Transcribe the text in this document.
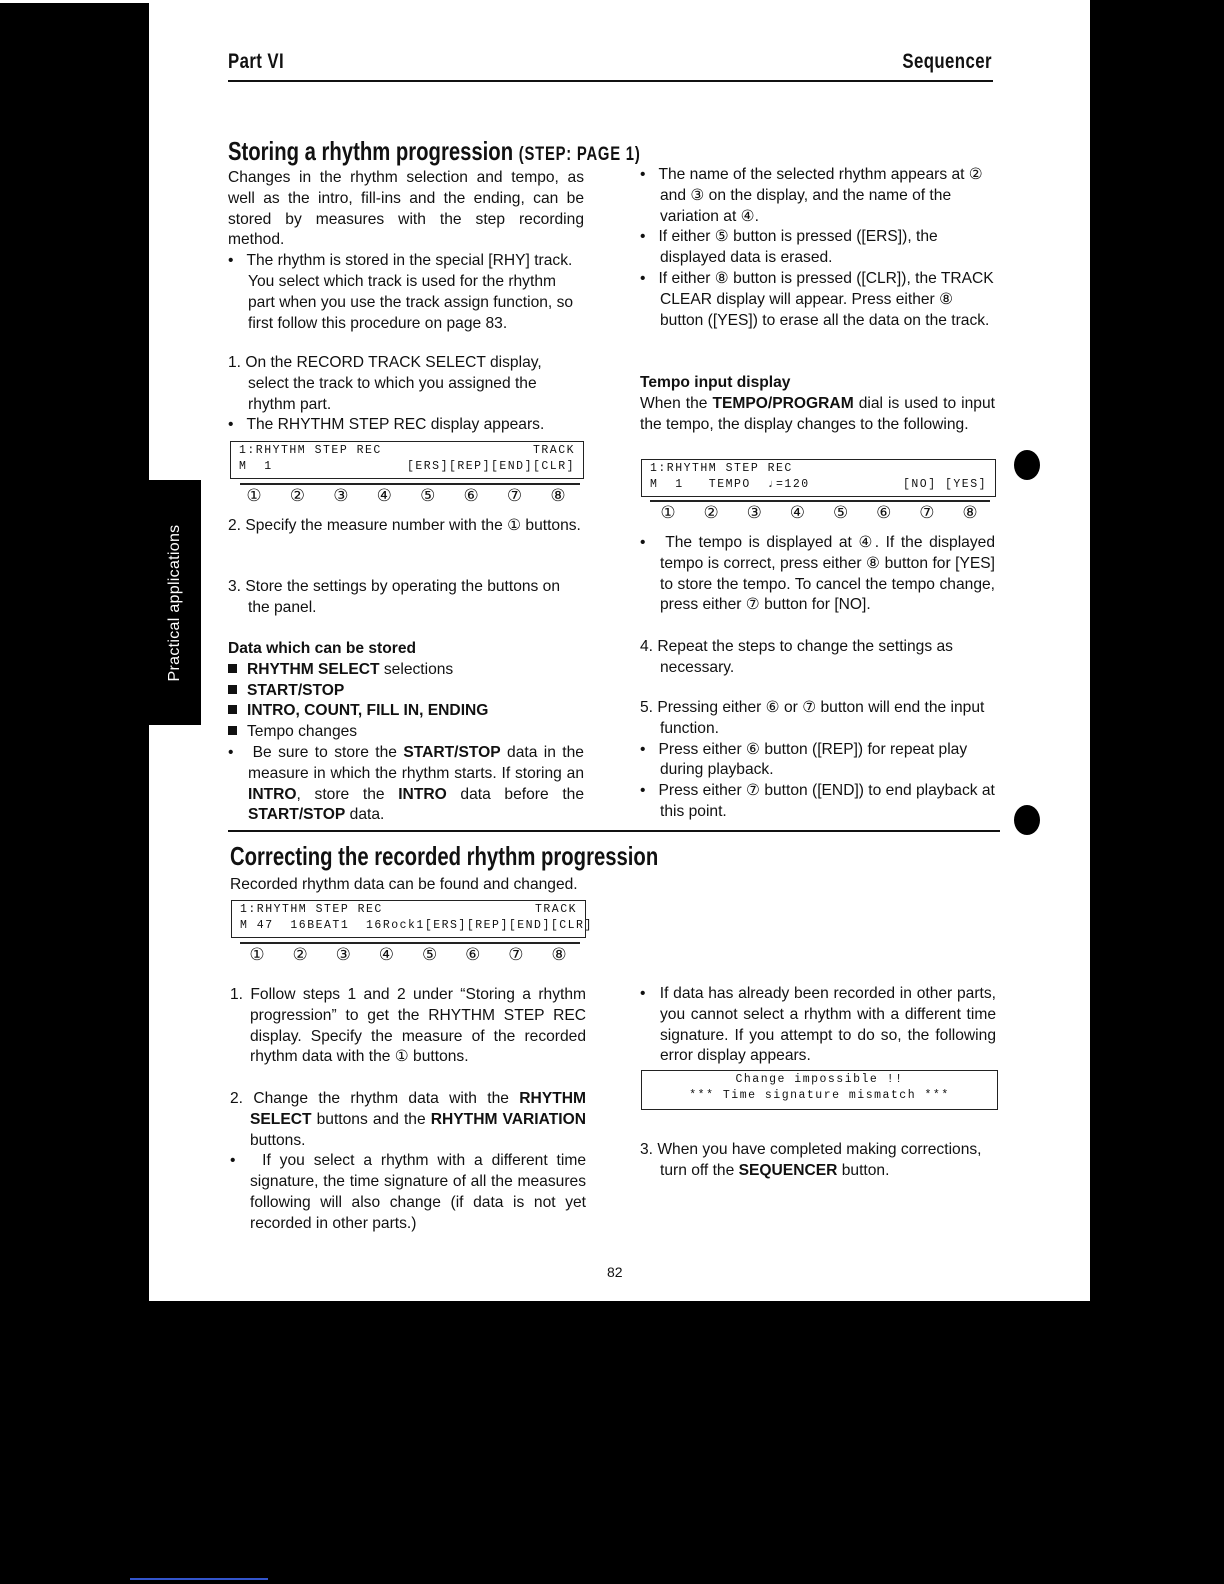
Practical applications
Part VI	Sequencer
Storing a rhythm progression (STEP: PAGE 1)

Changes in the rhythm selection and tempo, as well as the intro, fill-ins and the ending, can be stored by measures with the step recording method.

•   The rhythm is stored in the special [RHY] track. You select which track is used for the rhythm part when you use the track assign function, so first follow this procedure on page 83.

1. On the RECORD TRACK SELECT display, select the track to which you assigned the rhythm part.

•   The RHYTHM STEP REC display appears.

1:RHYTHM STEP REC	TRACK
M  1	[ERS][REP][END][CLR]
① ② ③ ④ ⑤ ⑥ ⑦ ⑧

2. Specify the measure number with the ① buttons.

3. Store the settings by operating the buttons on the panel.

Data which can be stored

RHYTHM SELECT selections

START/STOP

INTRO, COUNT, FILL IN, ENDING

Tempo changes

•   Be sure to store the START/STOP data in the measure in which the rhythm starts. If storing an INTRO, store the INTRO data before the START/STOP data.

•   The name of the selected rhythm appears at ② and ③ on the display, and the name of the variation at ④.

•   If either ⑤ button is pressed ([ERS]), the displayed data is erased.

•   If either ⑧ button is pressed ([CLR]), the TRACK CLEAR display will appear. Press either ⑧ button ([YES]) to erase all the data on the track.

Tempo input display

When the TEMPO/PROGRAM dial is used to input the tempo, the display changes to the following.

1:RHYTHM STEP REC
M  1   TEMPO  ♩=120	[NO] [YES]
① ② ③ ④ ⑤ ⑥ ⑦ ⑧

•   The tempo is displayed at ④. If the displayed tempo is correct, press either ⑧ button for [YES] to store the tempo. To cancel the tempo change, press either ⑦ button for [NO].

4. Repeat the steps to change the settings as necessary.

5. Pressing either ⑥ or ⑦ button will end the input function.

•   Press either ⑥ button ([REP]) for repeat play during playback.

•   Press either ⑦ button ([END]) to end playback at this point.

Correcting the recorded rhythm progression

Recorded rhythm data can be found and changed.

1:RHYTHM STEP REC	TRACK
M 47  16BEAT1  16Rock1 [ERS][REP][END][CLR]
① ② ③ ④ ⑤ ⑥ ⑦ ⑧

1. Follow steps 1 and 2 under “Storing a rhythm progression” to get the RHYTHM STEP REC display. Specify the measure of the recorded rhythm data with the ① buttons.

2. Change the rhythm data with the RHYTHM SELECT buttons and the RHYTHM VARIATION buttons.

•   If you select a rhythm with a different time signature, the time signature of all the measures following will also change (if data is not yet recorded in other parts.)

•   If data has already been recorded in other parts, you cannot select a rhythm with a different time signature. If you attempt to do so, the following error display appears.

Change impossible !!
*** Time signature mismatch ***

3. When you have completed making corrections, turn off the SEQUENCER button.

82
